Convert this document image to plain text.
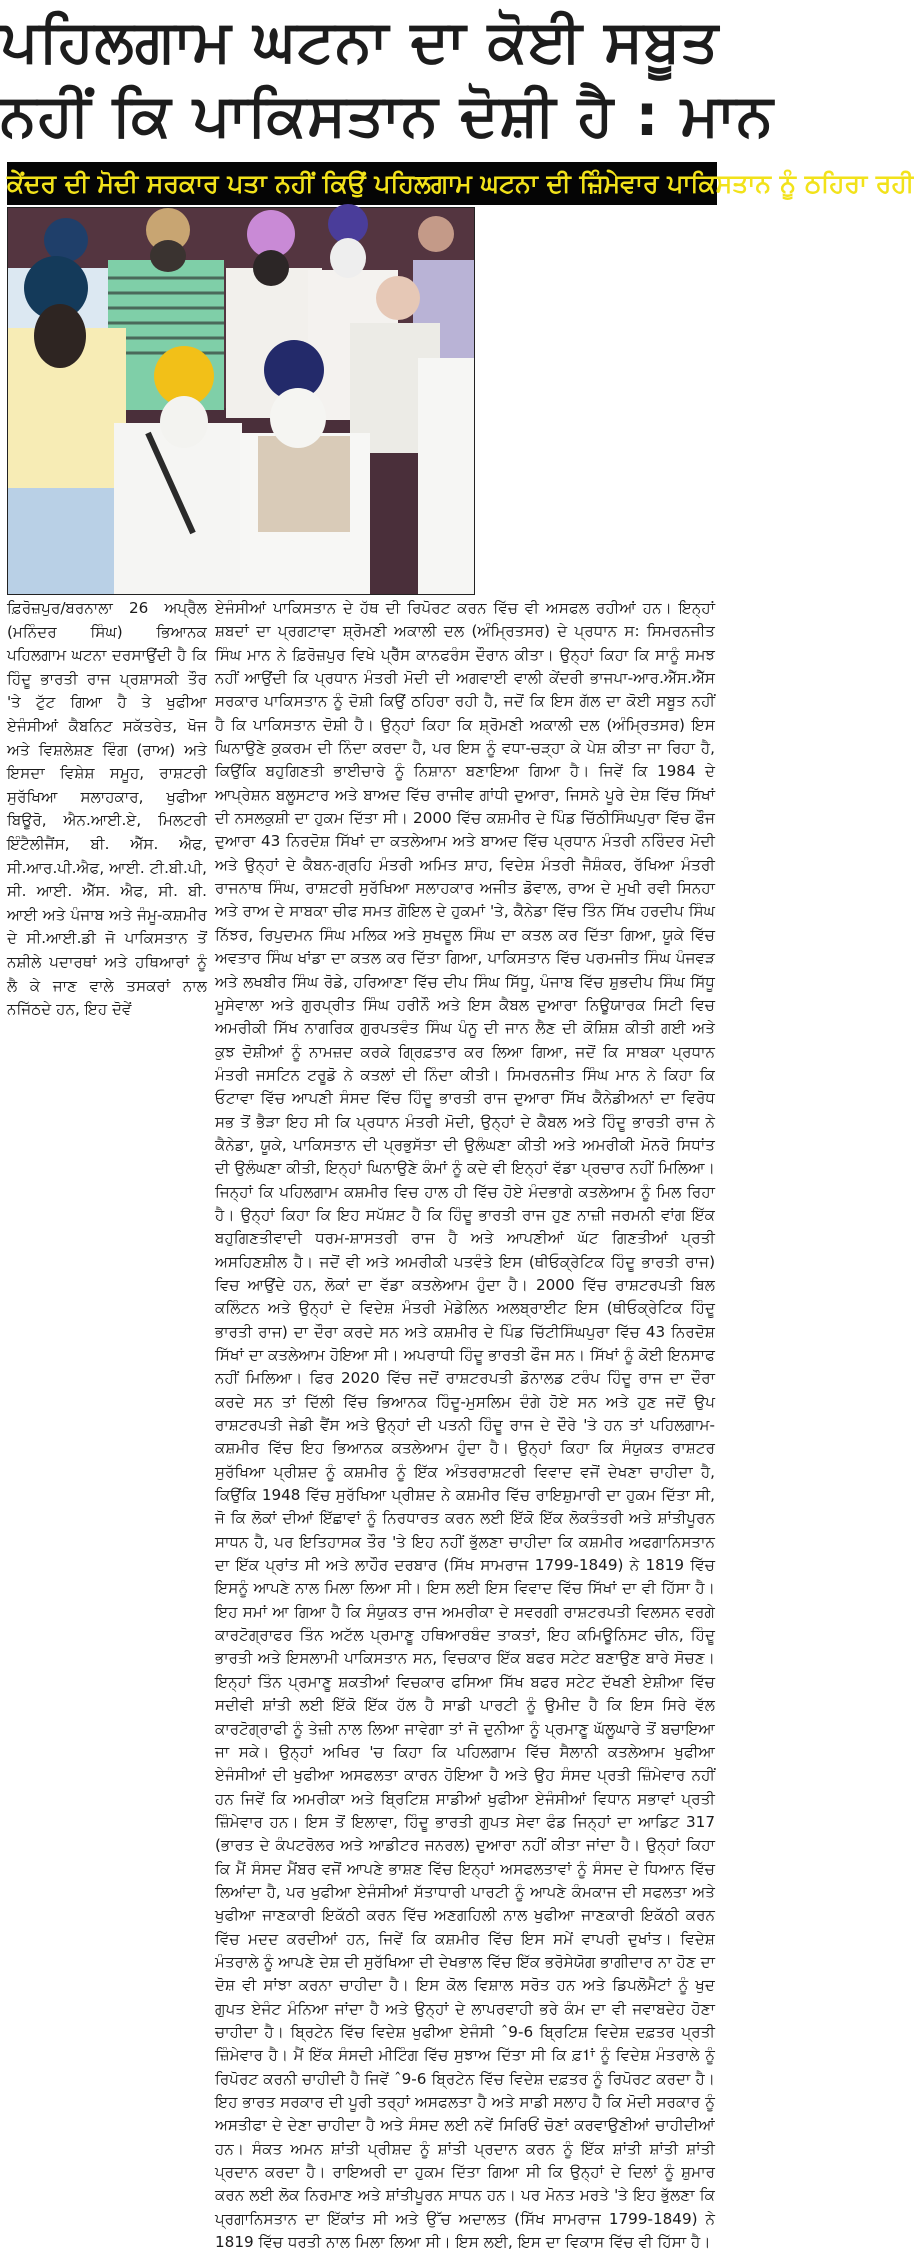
ਪਹਿਲਗਾਮ ਘਟਨਾ ਦਾ ਕੋਈ ਸਬੂਤ
ਨਹੀਂ ਕਿ ਪਾਕਿਸਤਾਨ ਦੋਸ਼ੀ ਹੈ : ਮਾਨ
ਕੇਂਦਰ ਦੀ ਮੋਦੀ ਸਰਕਾਰ ਪਤਾ ਨਹੀਂ ਕਿਉਂ ਪਹਿਲਗਾਮ ਘਟਨਾ ਦੀ ਜ਼ਿੰਮੇਵਾਰ ਪਾਕਿਸਤਾਨ ਨੂੰ ਠਹਿਰਾ ਰਹੀ

ਫ਼ਿਰੋਜ਼ਪੁਰ/ਬਰਨਾਲਾ 26 ਅਪ੍ਰੈਲ (ਮਨਿੰਦਰ ਸਿੰਘ) ਭਿਆਨਕ ਪਹਿਲਗਾਮ ਘਟਨਾ ਦਰਸਾਉਂਦੀ ਹੈ ਕਿ ਹਿੰਦੂ ਭਾਰਤੀ ਰਾਜ ਪ੍ਰਸ਼ਾਸਕੀ ਤੌਰ 'ਤੇ ਟੁੱਟ ਗਿਆ ਹੈ ਤੇ ਖੁਫੀਆ ਏਜੰਸੀਆਂ ਕੈਬਨਿਟ ਸਕੱਤਰੇਤ, ਖੋਜ ਅਤੇ ਵਿਸ਼ਲੇਸ਼ਣ ਵਿੰਗ (ਰਾਅ) ਅਤੇ ਇਸਦਾ ਵਿਸ਼ੇਸ਼ ਸਮੂਹ, ਰਾਸ਼ਟਰੀ ਸੁਰੱਖਿਆ ਸਲਾਹਕਾਰ, ਖੁਫੀਆ ਬਿਊਰੋ, ਐਨ.ਆਈ.ਏ, ਮਿਲਟਰੀ ਇੰਟੈਲੀਜੈਂਸ, ਬੀ. ਐੱਸ. ਐਫ, ਸੀ.ਆਰ.ਪੀ.ਐਫ, ਆਈ. ਟੀ.ਬੀ.ਪੀ, ਸੀ. ਆਈ. ਐੱਸ. ਐਫ, ਸੀ. ਬੀ. ਆਈ ਅਤੇ ਪੰਜਾਬ ਅਤੇ ਜੰਮੂ-ਕਸ਼ਮੀਰ ਦੇ ਸੀ.ਆਈ.ਡੀ ਜੋ ਪਾਕਿਸਤਾਨ ਤੋਂ ਨਸ਼ੀਲੇ ਪਦਾਰਥਾਂ ਅਤੇ ਹਥਿਆਰਾਂ ਨੂੰ ਲੈ ਕੇ ਜਾਣ ਵਾਲੇ ਤਸਕਰਾਂ ਨਾਲ ਨਜਿੱਠਦੇ ਹਨ, ਇਹ ਦੋਵੇਂ

ਏਜੰਸੀਆਂ ਪਾਕਿਸਤਾਨ ਦੇ ਹੱਥ ਦੀ ਰਿਪੋਰਟ ਕਰਨ ਵਿੱਚ ਵੀ ਅਸਫਲ ਰਹੀਆਂ ਹਨ। ਇਨ੍ਹਾਂ ਸ਼ਬਦਾਂ ਦਾ ਪ੍ਰਗਟਾਵਾ ਸ਼੍ਰੋਮਣੀ ਅਕਾਲੀ ਦਲ (ਅੰਮ੍ਰਿਤਸਰ) ਦੇ ਪ੍ਰਧਾਨ ਸ: ਸਿਮਰਨਜੀਤ ਸਿੰਘ ਮਾਨ ਨੇ ਫ਼ਿਰੋਜ਼ਪੁਰ ਵਿਖੇ ਪ੍ਰੈੱਸ ਕਾਨਫਰੰਸ ਦੌਰਾਨ ਕੀਤਾ। ਉਨ੍ਹਾਂ ਕਿਹਾ ਕਿ ਸਾਨੂੰ ਸਮਝ ਨਹੀਂ ਆਉਂਦੀ ਕਿ ਪ੍ਰਧਾਨ ਮੰਤਰੀ ਮੋਦੀ ਦੀ ਅਗਵਾਈ ਵਾਲੀ ਕੇਂਦਰੀ ਭਾਜਪਾ-ਆਰ.ਐੱਸ.ਐੱਸ ਸਰਕਾਰ ਪਾਕਿਸਤਾਨ ਨੂੰ ਦੋਸ਼ੀ ਕਿਉਂ ਠਹਿਰਾ ਰਹੀ ਹੈ, ਜਦੋਂ ਕਿ ਇਸ ਗੱਲ ਦਾ ਕੋਈ ਸਬੂਤ ਨਹੀਂ ਹੈ ਕਿ ਪਾਕਿਸਤਾਨ ਦੋਸ਼ੀ ਹੈ। ਉਨ੍ਹਾਂ ਕਿਹਾ ਕਿ ਸ਼੍ਰੋਮਣੀ ਅਕਾਲੀ ਦਲ (ਅੰਮ੍ਰਿਤਸਰ) ਇਸ ਘਿਨਾਉਣੇ ਕੁਕਰਮ ਦੀ ਨਿੰਦਾ ਕਰਦਾ ਹੈ, ਪਰ ਇਸ ਨੂੰ ਵਧਾ-ਚੜ੍ਹਾ ਕੇ ਪੇਸ਼ ਕੀਤਾ ਜਾ ਰਿਹਾ ਹੈ, ਕਿਉਂਕਿ ਬਹੁਗਿਣਤੀ ਭਾਈਚਾਰੇ ਨੂੰ ਨਿਸ਼ਾਨਾ ਬਣਾਇਆ ਗਿਆ ਹੈ। ਜਿਵੇਂ ਕਿ 1984 ਦੇ ਆਪ੍ਰੇਸ਼ਨ ਬਲੂਸਟਾਰ ਅਤੇ ਬਾਅਦ ਵਿੱਚ ਰਾਜੀਵ ਗਾਂਧੀ ਦੁਆਰਾ, ਜਿਸਨੇ ਪੂਰੇ ਦੇਸ਼ ਵਿੱਚ ਸਿੱਖਾਂ ਦੀ ਨਸਲਕੁਸ਼ੀ ਦਾ ਹੁਕਮ ਦਿੱਤਾ ਸੀ। 2000 ਵਿੱਚ ਕਸ਼ਮੀਰ ਦੇ ਪਿੰਡ ਚਿੱਠੀਸਿੰਘਪੁਰਾ ਵਿੱਚ ਫੌਜ ਦੁਆਰਾ 43 ਨਿਰਦੋਸ਼ ਸਿੱਖਾਂ ਦਾ ਕਤਲੇਆਮ ਅਤੇ ਬਾਅਦ ਵਿੱਚ ਪ੍ਰਧਾਨ ਮੰਤਰੀ ਨਰਿੰਦਰ ਮੋਦੀ ਅਤੇ ਉਨ੍ਹਾਂ ਦੇ ਕੈਬਨ-ਗ੍ਰਹਿ ਮੰਤਰੀ ਅਮਿਤ ਸ਼ਾਹ, ਵਿਦੇਸ਼ ਮੰਤਰੀ ਜੈਸ਼ੰਕਰ, ਰੱਖਿਆ ਮੰਤਰੀ ਰਾਜਨਾਥ ਸਿੰਘ, ਰਾਸ਼ਟਰੀ ਸੁਰੱਖਿਆ ਸਲਾਹਕਾਰ ਅਜੀਤ ਡੋਵਾਲ, ਰਾਅ ਦੇ ਮੁਖੀ ਰਵੀ ਸਿਨਹਾ ਅਤੇ ਰਾਅ ਦੇ ਸਾਬਕਾ ਚੀਫ ਸਮਤ ਗੋਇਲ ਦੇ ਹੁਕਮਾਂ 'ਤੇ, ਕੈਨੇਡਾ ਵਿੱਚ ਤਿੰਨ ਸਿੱਖ ਹਰਦੀਪ ਸਿੰਘ ਨਿੱਝਰ, ਰਿਪੁਦਮਨ ਸਿੰਘ ਮਲਿਕ ਅਤੇ ਸੁਖਦੂਲ ਸਿੰਘ ਦਾ ਕਤਲ ਕਰ ਦਿੱਤਾ ਗਿਆ, ਯੂਕੇ ਵਿੱਚ ਅਵਤਾਰ ਸਿੰਘ ਖਾਂਡਾ ਦਾ ਕਤਲ ਕਰ ਦਿੱਤਾ ਗਿਆ, ਪਾਕਿਸਤਾਨ ਵਿੱਚ ਪਰਮਜੀਤ ਸਿੰਘ ਪੰਜਵੜ ਅਤੇ ਲਖਬੀਰ ਸਿੰਘ ਰੋਡੇ, ਹਰਿਆਣਾ ਵਿੱਚ ਦੀਪ ਸਿੰਘ ਸਿੱਧੂ, ਪੰਜਾਬ ਵਿੱਚ ਸ਼ੁਭਦੀਪ ਸਿੰਘ ਸਿੱਧੂ ਮੂਸੇਵਾਲਾ ਅਤੇ ਗੁਰਪ੍ਰੀਤ ਸਿੰਘ ਹਰੀਨੌ ਅਤੇ ਇਸ ਕੈਬਲ ਦੁਆਰਾ ਨਿਊਯਾਰਕ ਸਿਟੀ ਵਿਚ ਅਮਰੀਕੀ ਸਿੱਖ ਨਾਗਰਿਕ ਗੁਰਪਤਵੰਤ ਸਿੰਘ ਪੰਨੂ ਦੀ ਜਾਨ ਲੈਣ ਦੀ ਕੋਸ਼ਿਸ਼ ਕੀਤੀ ਗਈ ਅਤੇ ਕੁਝ ਦੋਸ਼ੀਆਂ ਨੂੰ ਨਾਮਜ਼ਦ ਕਰਕੇ ਗ੍ਰਿਫ਼ਤਾਰ ਕਰ ਲਿਆ ਗਿਆ, ਜਦੋਂ ਕਿ ਸਾਬਕਾ ਪ੍ਰਧਾਨ ਮੰਤਰੀ ਜਸਟਿਨ ਟਰੂਡੋ ਨੇ ਕਤਲਾਂ ਦੀ ਨਿੰਦਾ ਕੀਤੀ। ਸਿਮਰਨਜੀਤ ਸਿੰਘ ਮਾਨ ਨੇ ਕਿਹਾ ਕਿ ਓਟਾਵਾ ਵਿੱਚ ਆਪਣੀ ਸੰਸਦ ਵਿੱਚ ਹਿੰਦੂ ਭਾਰਤੀ ਰਾਜ ਦੁਆਰਾ ਸਿੱਖ ਕੈਨੇਡੀਅਨਾਂ ਦਾ ਵਿਰੋਧ ਸਭ ਤੋਂ ਭੈੜਾ ਇਹ ਸੀ ਕਿ ਪ੍ਰਧਾਨ ਮੰਤਰੀ ਮੋਦੀ, ਉਨ੍ਹਾਂ ਦੇ ਕੈਬਲ ਅਤੇ ਹਿੰਦੂ ਭਾਰਤੀ ਰਾਜ ਨੇ ਕੈਨੇਡਾ, ਯੂਕੇ, ਪਾਕਿਸਤਾਨ ਦੀ ਪ੍ਰਭੁਸੱਤਾ ਦੀ ਉਲੰਘਣਾ ਕੀਤੀ ਅਤੇ ਅਮਰੀਕੀ ਮੋਨਰੋ ਸਿਧਾਂਤ ਦੀ ਉਲੰਘਣਾ ਕੀਤੀ, ਇਨ੍ਹਾਂ ਘਿਨਾਉਣੇ ਕੰਮਾਂ ਨੂੰ ਕਦੇ ਵੀ ਇਨ੍ਹਾਂ ਵੱਡਾ ਪ੍ਰਚਾਰ ਨਹੀਂ ਮਿਲਿਆ। ਜਿਨ੍ਹਾਂ ਕਿ ਪਹਿਲਗਾਮ ਕਸ਼ਮੀਰ ਵਿਚ ਹਾਲ ਹੀ ਵਿੱਚ ਹੋਏ ਮੰਦਭਾਗੇ ਕਤਲੇਆਮ ਨੂੰ ਮਿਲ ਰਿਹਾ ਹੈ। ਉਨ੍ਹਾਂ ਕਿਹਾ ਕਿ ਇਹ ਸਪੱਸ਼ਟ ਹੈ ਕਿ ਹਿੰਦੂ ਭਾਰਤੀ ਰਾਜ ਹੁਣ ਨਾਜ਼ੀ ਜਰਮਨੀ ਵਾਂਗ ਇੱਕ ਬਹੁਗਿਣਤੀਵਾਦੀ ਧਰਮ-ਸ਼ਾਸਤਰੀ ਰਾਜ ਹੈ ਅਤੇ ਆਪਣੀਆਂ ਘੱਟ ਗਿਣਤੀਆਂ ਪ੍ਰਤੀ ਅਸਹਿਣਸ਼ੀਲ ਹੈ। ਜਦੋਂ ਵੀ ਅਤੇ ਅਮਰੀਕੀ ਪਤਵੰਤੇ ਇਸ (ਥੀਓਕ੍ਰੇਟਿਕ ਹਿੰਦੂ ਭਾਰਤੀ ਰਾਜ) ਵਿਚ ਆਉਂਦੇ ਹਨ, ਲੋਕਾਂ ਦਾ ਵੱਡਾ ਕਤਲੇਆਮ ਹੁੰਦਾ ਹੈ। 2000 ਵਿੱਚ ਰਾਸ਼ਟਰਪਤੀ ਬਿਲ ਕਲਿੰਟਨ ਅਤੇ ਉਨ੍ਹਾਂ ਦੇ ਵਿਦੇਸ਼ ਮੰਤਰੀ ਮੇਡੇਲਿਨ ਅਲਬ੍ਰਾਈਟ ਇਸ (ਥੀਓਕ੍ਰੇਟਿਕ ਹਿੰਦੂ ਭਾਰਤੀ ਰਾਜ) ਦਾ ਦੌਰਾ ਕਰਦੇ ਸਨ ਅਤੇ ਕਸ਼ਮੀਰ ਦੇ ਪਿੰਡ ਚਿੱਟੀਸਿੰਘਪੁਰਾ ਵਿੱਚ 43 ਨਿਰਦੋਸ਼ ਸਿੱਖਾਂ ਦਾ ਕਤਲੇਆਮ ਹੋਇਆ ਸੀ। ਅਪਰਾਧੀ ਹਿੰਦੂ ਭਾਰਤੀ ਫੌਜ ਸਨ। ਸਿੱਖਾਂ ਨੂੰ ਕੋਈ ਇਨਸਾਫ ਨਹੀਂ ਮਿਲਿਆ। ਫਿਰ 2020 ਵਿੱਚ ਜਦੋਂ ਰਾਸ਼ਟਰਪਤੀ ਡੋਨਾਲਡ ਟਰੰਪ ਹਿੰਦੂ ਰਾਜ ਦਾ ਦੌਰਾ ਕਰਦੇ ਸਨ ਤਾਂ ਦਿੱਲੀ ਵਿੱਚ ਭਿਆਨਕ ਹਿੰਦੂ-ਮੁਸਲਿਮ ਦੰਗੇ ਹੋਏ ਸਨ ਅਤੇ ਹੁਣ ਜਦੋਂ ਉਪ ਰਾਸ਼ਟਰਪਤੀ ਜੇਡੀ ਵੈਂਸ ਅਤੇ ਉਨ੍ਹਾਂ ਦੀ ਪਤਨੀ ਹਿੰਦੂ ਰਾਜ ਦੇ ਦੌਰੇ 'ਤੇ ਹਨ ਤਾਂ ਪਹਿਲਗਾਮ-ਕਸ਼ਮੀਰ ਵਿੱਚ ਇਹ ਭਿਆਨਕ ਕਤਲੇਆਮ ਹੁੰਦਾ ਹੈ। ਉਨ੍ਹਾਂ ਕਿਹਾ ਕਿ ਸੰਯੁਕਤ ਰਾਸ਼ਟਰ ਸੁਰੱਖਿਆ ਪ੍ਰੀਸ਼ਦ ਨੂੰ ਕਸ਼ਮੀਰ ਨੂੰ ਇੱਕ ਅੰਤਰਰਾਸ਼ਟਰੀ ਵਿਵਾਦ ਵਜੋਂ ਦੇਖਣਾ ਚਾਹੀਦਾ ਹੈ, ਕਿਉਂਕਿ 1948 ਵਿੱਚ ਸੁਰੱਖਿਆ ਪ੍ਰੀਸ਼ਦ ਨੇ ਕਸ਼ਮੀਰ ਵਿੱਚ ਰਾਇਸ਼ੁਮਾਰੀ ਦਾ ਹੁਕਮ ਦਿੱਤਾ ਸੀ, ਜੋ ਕਿ ਲੋਕਾਂ ਦੀਆਂ ਇੱਛਾਵਾਂ ਨੂੰ ਨਿਰਧਾਰਤ ਕਰਨ ਲਈ ਇੱਕੋ ਇੱਕ ਲੋਕਤੰਤਰੀ ਅਤੇ ਸ਼ਾਂਤੀਪੂਰਨ ਸਾਧਨ ਹੈ, ਪਰ ਇਤਿਹਾਸਕ ਤੌਰ 'ਤੇ ਇਹ ਨਹੀਂ ਭੁੱਲਣਾ ਚਾਹੀਦਾ ਕਿ ਕਸ਼ਮੀਰ ਅਫਗਾਨਿਸਤਾਨ ਦਾ ਇੱਕ ਪ੍ਰਾਂਤ ਸੀ ਅਤੇ ਲਾਹੌਰ ਦਰਬਾਰ (ਸਿੱਖ ਸਾਮਰਾਜ 1799-1849) ਨੇ 1819 ਵਿੱਚ ਇਸਨੂੰ ਆਪਣੇ ਨਾਲ ਮਿਲਾ ਲਿਆ ਸੀ। ਇਸ ਲਈ ਇਸ ਵਿਵਾਦ ਵਿੱਚ ਸਿੱਖਾਂ ਦਾ ਵੀ ਹਿੱਸਾ ਹੈ। ਇਹ ਸਮਾਂ ਆ ਗਿਆ ਹੈ ਕਿ ਸੰਯੁਕਤ ਰਾਜ ਅਮਰੀਕਾ ਦੇ ਸਵਰਗੀ ਰਾਸ਼ਟਰਪਤੀ ਵਿਲਸਨ ਵਰਗੇ ਕਾਰਟੋਗ੍ਰਾਫਰ ਤਿੰਨ ਅਟੱਲ ਪ੍ਰਮਾਣੂ ਹਥਿਆਰਬੰਦ ਤਾਕਤਾਂ, ਇਹ ਕਮਿਊਨਿਸਟ ਚੀਨ, ਹਿੰਦੂ ਭਾਰਤੀ ਅਤੇ ਇਸਲਾਮੀ ਪਾਕਿਸਤਾਨ ਸਨ, ਵਿਚਕਾਰ ਇੱਕ ਬਫਰ ਸਟੇਟ ਬਣਾਉਣ ਬਾਰੇ ਸੋਚਣ। ਇਨ੍ਹਾਂ ਤਿੰਨ ਪ੍ਰਮਾਣੂ ਸ਼ਕਤੀਆਂ ਵਿਚਕਾਰ ਫਸਿਆ ਸਿੱਖ ਬਫਰ ਸਟੇਟ ਦੱਖਣੀ ਏਸ਼ੀਆ ਵਿੱਚ ਸਦੀਵੀ ਸ਼ਾਂਤੀ ਲਈ ਇੱਕੋ ਇੱਕ ਹੱਲ ਹੈ ਸਾਡੀ ਪਾਰਟੀ ਨੂੰ ਉਮੀਦ ਹੈ ਕਿ ਇਸ ਸਿਰੇ ਵੱਲ ਕਾਰਟੋਗ੍ਰਾਫੀ ਨੂੰ ਤੇਜ਼ੀ ਨਾਲ ਲਿਆ ਜਾਵੇਗਾ ਤਾਂ ਜੋ ਦੁਨੀਆ ਨੂੰ ਪ੍ਰਮਾਣੂ ਘੱਲੂਘਾਰੇ ਤੋਂ ਬਚਾਇਆ ਜਾ ਸਕੇ। ਉਨ੍ਹਾਂ ਅਖਿਰ 'ਚ ਕਿਹਾ ਕਿ ਪਹਿਲਗਾਮ ਵਿੱਚ ਸੈਲਾਨੀ ਕਤਲੇਆਮ ਖੁਫੀਆ ਏਜੰਸੀਆਂ ਦੀ ਖੁਫੀਆ ਅਸਫਲਤਾ ਕਾਰਨ ਹੋਇਆ ਹੈ ਅਤੇ ਉਹ ਸੰਸਦ ਪ੍ਰਤੀ ਜ਼ਿੰਮੇਵਾਰ ਨਹੀਂ ਹਨ ਜਿਵੇਂ ਕਿ ਅਮਰੀਕਾ ਅਤੇ ਬ੍ਰਿਟਿਸ਼ ਸਾਡੀਆਂ ਖੁਫੀਆ ਏਜੰਸੀਆਂ ਵਿਧਾਨ ਸਭਾਵਾਂ ਪ੍ਰਤੀ ਜ਼ਿੰਮੇਵਾਰ ਹਨ। ਇਸ ਤੋਂ ਇਲਾਵਾ, ਹਿੰਦੂ ਭਾਰਤੀ ਗੁਪਤ ਸੇਵਾ ਫੰਡ ਜਿਨ੍ਹਾਂ ਦਾ ਆਡਿਟ 317 (ਭਾਰਤ ਦੇ ਕੰਪਟਰੋਲਰ ਅਤੇ ਆਡੀਟਰ ਜਨਰਲ) ਦੁਆਰਾ ਨਹੀਂ ਕੀਤਾ ਜਾਂਦਾ ਹੈ। ਉਨ੍ਹਾਂ ਕਿਹਾ ਕਿ ਮੈਂ ਸੰਸਦ ਮੈਂਬਰ ਵਜੋਂ ਆਪਣੇ ਭਾਸ਼ਣ ਵਿੱਚ ਇਨ੍ਹਾਂ ਅਸਫਲਤਾਵਾਂ ਨੂੰ ਸੰਸਦ ਦੇ ਧਿਆਨ ਵਿੱਚ ਲਿਆਂਦਾ ਹੈ, ਪਰ ਖੁਫੀਆ ਏਜੰਸੀਆਂ ਸੱਤਾਧਾਰੀ ਪਾਰਟੀ ਨੂੰ ਆਪਣੇ ਕੰਮਕਾਜ ਦੀ ਸਫਲਤਾ ਅਤੇ ਖੁਫੀਆ ਜਾਣਕਾਰੀ ਇਕੱਠੀ ਕਰਨ ਵਿੱਚ ਅਣਗਹਿਲੀ ਨਾਲ ਖੁਫੀਆ ਜਾਣਕਾਰੀ ਇਕੱਠੀ ਕਰਨ ਵਿੱਚ ਮਦਦ ਕਰਦੀਆਂ ਹਨ, ਜਿਵੇਂ ਕਿ ਕਸ਼ਮੀਰ ਵਿੱਚ ਇਸ ਸਮੇਂ ਵਾਪਰੀ ਦੁਖਾਂਤ। ਵਿਦੇਸ਼ ਮੰਤਰਾਲੇ ਨੂੰ ਆਪਣੇ ਦੇਸ਼ ਦੀ ਸੁਰੱਖਿਆ ਦੀ ਦੇਖਭਾਲ ਵਿੱਚ ਇੱਕ ਭਰੋਸੇਯੋਗ ਭਾਗੀਦਾਰ ਨਾ ਹੋਣ ਦਾ ਦੋਸ਼ ਵੀ ਸਾਂਝਾ ਕਰਨਾ ਚਾਹੀਦਾ ਹੈ। ਇਸ ਕੋਲ ਵਿਸ਼ਾਲ ਸਰੋਤ ਹਨ ਅਤੇ ਡਿਪਲੋਮੈਟਾਂ ਨੂੰ ਖੁਦ ਗੁਪਤ ਏਜੰਟ ਮੰਨਿਆ ਜਾਂਦਾ ਹੈ ਅਤੇ ਉਨ੍ਹਾਂ ਦੇ ਲਾਪਰਵਾਹੀ ਭਰੇ ਕੰਮ ਦਾ ਵੀ ਜਵਾਬਦੇਹ ਹੋਣਾ ਚਾਹੀਦਾ ਹੈ। ਬ੍ਰਿਟੇਨ ਵਿੱਚ ਵਿਦੇਸ਼ ਖੁਫੀਆ ਏਜੰਸੀ ˆ9-6 ਬ੍ਰਿਟਿਸ਼ ਵਿਦੇਸ਼ ਦਫ਼ਤਰ ਪ੍ਰਤੀ ਜ਼ਿੰਮੇਵਾਰ ਹੈ। ਮੈਂ ਇੱਕ ਸੰਸਦੀ ਮੀਟਿੰਗ ਵਿੱਚ ਸੁਝਾਅ ਦਿੱਤਾ ਸੀ ਕਿ ਫ਼1ਾਂ ਨੂੰ ਵਿਦੇਸ਼ ਮੰਤਰਾਲੇ ਨੂੰ ਰਿਪੋਰਟ ਕਰਨੀ ਚਾਹੀਦੀ ਹੈ ਜਿਵੇਂ ˆ9-6 ਬ੍ਰਿਟੇਨ ਵਿੱਚ ਵਿਦੇਸ਼ ਦਫ਼ਤਰ ਨੂੰ ਰਿਪੋਰਟ ਕਰਦਾ ਹੈ। ਇਹ ਭਾਰਤ ਸਰਕਾਰ ਦੀ ਪੂਰੀ ਤਰ੍ਹਾਂ ਅਸਫਲਤਾ ਹੈ ਅਤੇ ਸਾਡੀ ਸਲਾਹ ਹੈ ਕਿ ਮੋਦੀ ਸਰਕਾਰ ਨੂੰ ਅਸਤੀਫਾ ਦੇ ਦੇਣਾ ਚਾਹੀਦਾ ਹੈ ਅਤੇ ਸੰਸਦ ਲਈ ਨਵੇਂ ਸਿਰਿਓਂ ਚੋਣਾਂ ਕਰਵਾਉਣੀਆਂ ਚਾਹੀਦੀਆਂ ਹਨ। ਸੰਕਤ ਅਮਨ ਸ਼ਾਂਤੀ ਪ੍ਰੀਸ਼ਦ ਨੂੰ ਸ਼ਾਂਤੀ ਪ੍ਰਦਾਨ ਕਰਨ ਨੂੰ ਇੱਕ ਸ਼ਾਂਤੀ ਸ਼ਾਂਤੀ ਸ਼ਾਂਤੀ ਪ੍ਰਦਾਨ ਕਰਦਾ ਹੈ। ਰਾਇਅਰੀ ਦਾ ਹੁਕਮ ਦਿੱਤਾ ਗਿਆ ਸੀ ਕਿ ਉਨ੍ਹਾਂ ਦੇ ਦਿਲਾਂ ਨੂੰ ਸ਼ੁਮਾਰ ਕਰਨ ਲਈ ਲੋਕ ਨਿਰਮਾਣ ਅਤੇ ਸ਼ਾਂਤੀਪੂਰਨ ਸਾਧਨ ਹਨ। ਪਰ ਮੋਨਤ ਮਰਤੇ 'ਤੇ ਇਹ ਭੁੱਲਣਾ ਕਿ ਪ੍ਰਗਾਨਿਸਤਾਨ ਦਾ ਇੱਕਾਂਤ ਸੀ ਅਤੇ ਉੱਚ ਅਦਾਲਤ (ਸਿੱਖ ਸਾਮਰਾਜ 1799-1849) ਨੇ 1819 ਵਿੱਚ ਧਰਤੀ ਨਾਲ ਮਿਲਾ ਲਿਆ ਸੀ। ਇਸ ਲਈ, ਇਸ ਦਾ ਵਿਕਾਸ ਵਿੱਚ ਵੀ ਹਿੱਸਾ ਹੈ।
